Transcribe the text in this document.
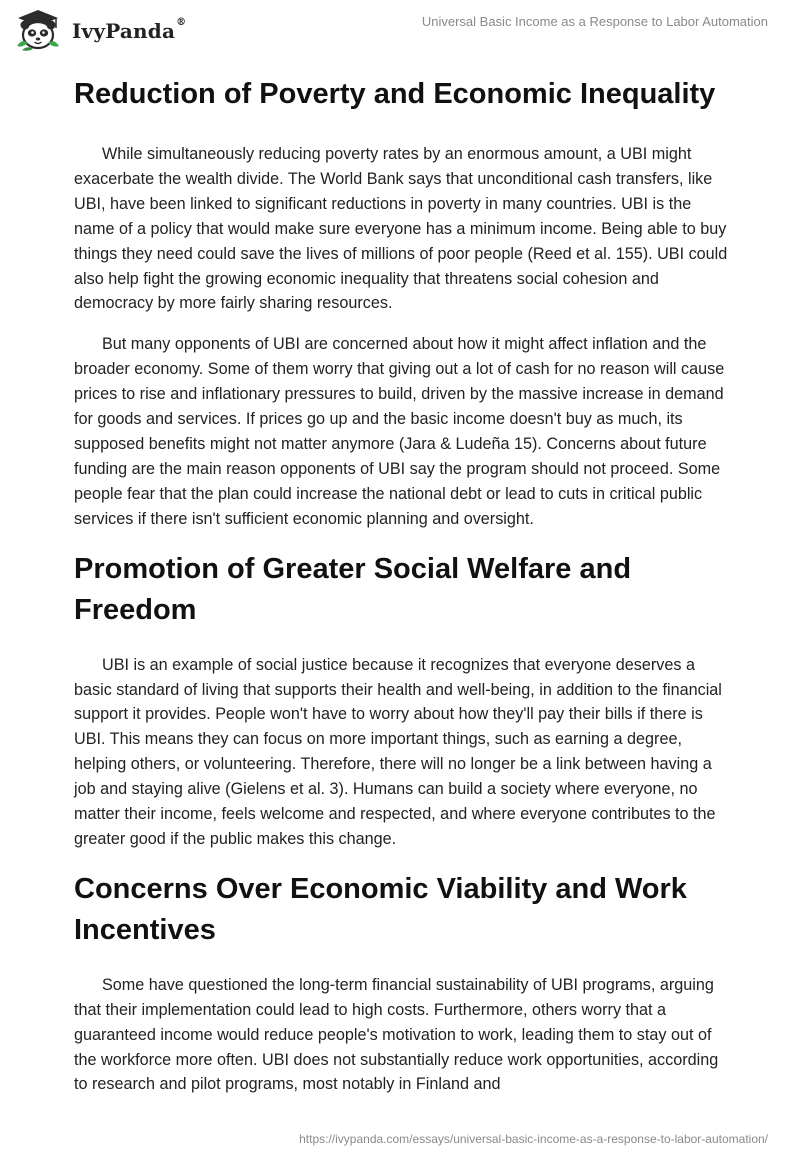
IvyPanda®	Universal Basic Income as a Response to Labor Automation
Reduction of Poverty and Economic Inequality

While simultaneously reducing poverty rates by an enormous amount, a UBI might exacerbate the wealth divide. The World Bank says that unconditional cash transfers, like UBI, have been linked to significant reductions in poverty in many countries. UBI is the name of a policy that would make sure everyone has a minimum income. Being able to buy things they need could save the lives of millions of poor people (Reed et al. 155). UBI could also help fight the growing economic inequality that threatens social cohesion and democracy by more fairly sharing resources.

But many opponents of UBI are concerned about how it might affect inflation and the broader economy. Some of them worry that giving out a lot of cash for no reason will cause prices to rise and inflationary pressures to build, driven by the massive increase in demand for goods and services. If prices go up and the basic income doesn't buy as much, its supposed benefits might not matter anymore (Jara & Ludeña 15). Concerns about future funding are the main reason opponents of UBI say the program should not proceed. Some people fear that the plan could increase the national debt or lead to cuts in critical public services if there isn't sufficient economic planning and oversight.

Promotion of Greater Social Welfare and Freedom

UBI is an example of social justice because it recognizes that everyone deserves a basic standard of living that supports their health and well-being, in addition to the financial support it provides. People won't have to worry about how they'll pay their bills if there is UBI. This means they can focus on more important things, such as earning a degree, helping others, or volunteering. Therefore, there will no longer be a link between having a job and staying alive (Gielens et al. 3). Humans can build a society where everyone, no matter their income, feels welcome and respected, and where everyone contributes to the greater good if the public makes this change.

Concerns Over Economic Viability and Work Incentives

Some have questioned the long-term financial sustainability of UBI programs, arguing that their implementation could lead to high costs. Furthermore, others worry that a guaranteed income would reduce people's motivation to work, leading them to stay out of the workforce more often. UBI does not substantially reduce work opportunities, according to research and pilot programs, most notably in Finland and

https://ivypanda.com/essays/universal-basic-income-as-a-response-to-labor-automation/
